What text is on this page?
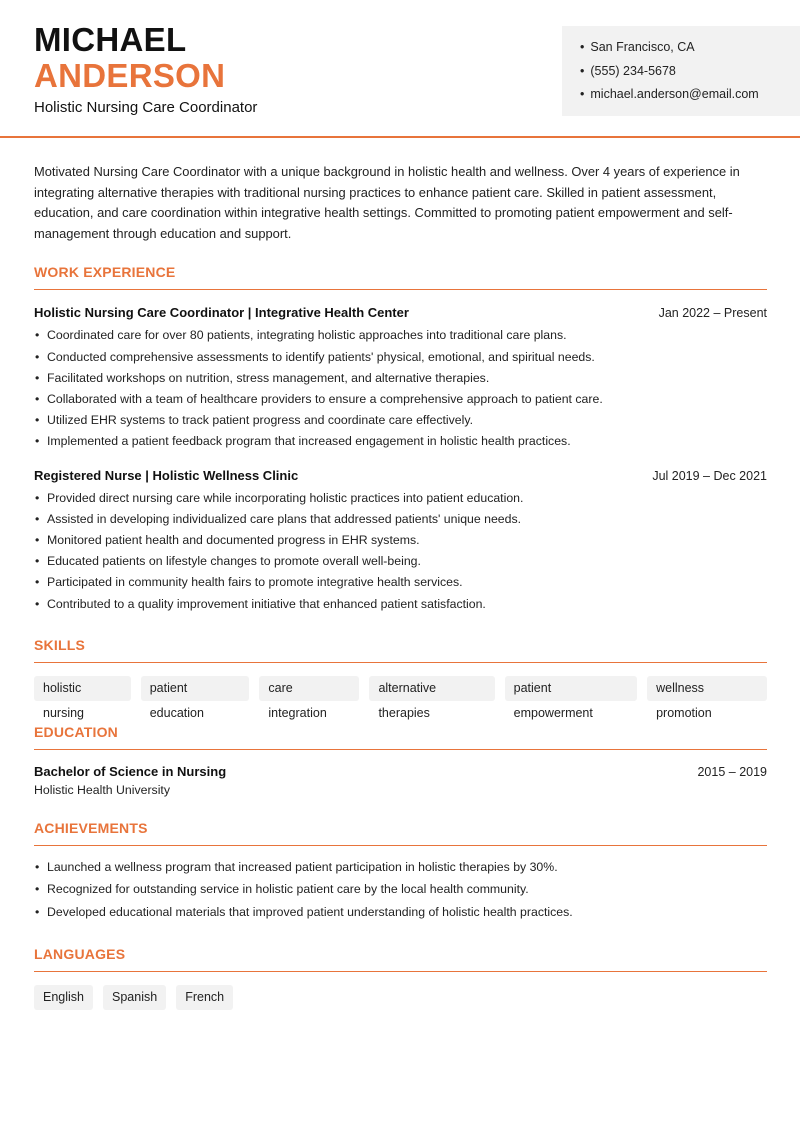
MICHAEL
ANDERSON
Holistic Nursing Care Coordinator
• San Francisco, CA
• (555) 234-5678
• michael.anderson@email.com

Motivated Nursing Care Coordinator with a unique background in holistic health and wellness. Over 4 years of experience in integrating alternative therapies with traditional nursing practices to enhance patient care. Skilled in patient assessment, education, and care coordination within integrative health settings. Committed to promoting patient empowerment and self-management through education and support.

WORK EXPERIENCE
Holistic Nursing Care Coordinator | Integrative Health Center	Jan 2022 – Present
• Coordinated care for over 80 patients, integrating holistic approaches into traditional care plans.
• Conducted comprehensive assessments to identify patients' physical, emotional, and spiritual needs.
• Facilitated workshops on nutrition, stress management, and alternative therapies.
• Collaborated with a team of healthcare providers to ensure a comprehensive approach to patient care.
• Utilized EHR systems to track patient progress and coordinate care effectively.
• Implemented a patient feedback program that increased engagement in holistic health practices.
Registered Nurse | Holistic Wellness Clinic	Jul 2019 – Dec 2021
• Provided direct nursing care while incorporating holistic practices into patient education.
• Assisted in developing individualized care plans that addressed patients' unique needs.
• Monitored patient health and documented progress in EHR systems.
• Educated patients on lifestyle changes to promote overall well-being.
• Participated in community health fairs to promote integrative health services.
• Contributed to a quality improvement initiative that enhanced patient satisfaction.
SKILLS
holistic nursing
patient education
care integration
alternative therapies
patient empowerment
wellness promotion
EDUCATION
Bachelor of Science in Nursing	2015 – 2019
Holistic Health University
ACHIEVEMENTS
• Launched a wellness program that increased patient participation in holistic therapies by 30%.
• Recognized for outstanding service in holistic patient care by the local health community.
• Developed educational materials that improved patient understanding of holistic health practices.
LANGUAGES
English	Spanish	French
